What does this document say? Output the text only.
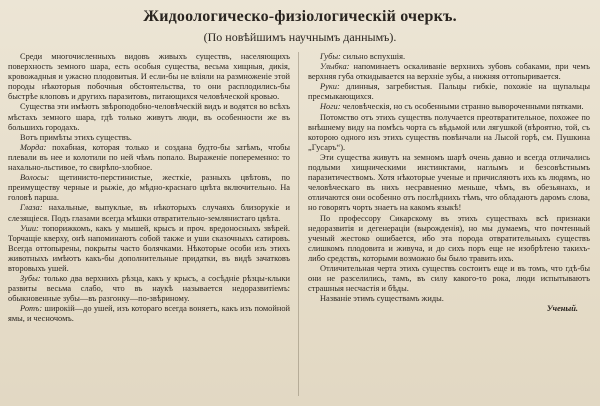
Жидоологическо-физiологическiй очеркъ.
(По новѣйшимъ научнымъ даннымъ).

Среди многочисленныхъ видовъ живыхъ существъ, населяющихъ поверхность земного шара, есть особыя существа, весьма хищныя, дикiя, кровожадныя и ужасно плодовитыя. И если-бы не вліяли на размноженіе этой породы нѣкоторыя побочныя обстоятельства, то они расплодились-бы быстрѣе клоповъ и другихъ паразитовъ, питающихся человѣческой кровью.

Существа эти имѣютъ звѣроподобно-человѣческій видъ и водятся во всѣхъ мѣстахъ земного шара, гдѣ только живутъ люди, въ особенности же въ большихъ городахъ.

Вотъ примѣты этихъ существъ.

Морда: похабная, которая только и создана будто-бы затѣмъ, чтобы плевали въ нее и колотили по ней чѣмъ попало. Выраженіе попеременно: то нахально-льстивое, то свирѣпо-злобное.

Волосы: щетинисто-перстинистые, жесткіе, разныхъ цвѣтовъ, по преимуществу черные и рыжіе, до мѣдно-краснаго цвѣта включительно. На головѣ парша.

Глаза: нахальные, выпуклые, въ нѣкоторыхъ случаяхъ близорукіе и слезящіеся. Подъ глазами всегда мѣшки отвратительно-землянистаго цвѣта.

Уши: топорижкомъ, какъ у мышей, крысъ и проч. вредоносныхъ звѣрей. Торчащіе кверху, онѣ напоминаютъ собой также и уши сказочныхъ сатировъ. Всегда оттопырены, покрыты часто болячками. Нѣкоторые особи изъ этихъ животныхъ имѣютъ какъ-бы дополнительные придатки, въ видѣ зачатковъ второвыхъ ушей.

Зубы: только два верхнихъ рѣзца, какъ у крысъ, а сосѣдніе рѣзцы-клыки развиты весьма слабо, что въ наукѣ называется недоразвитіемъ: обыкновенные зубы—въ разгонку—по-звѣриному.

Ротъ: широкій—до ушей, изъ котораго всегда воняетъ, какъ изъ помойной ямы, и чесночомъ.

Губы: сильно вспухшія.

Улыбка: напоминаетъ оскаливаніе верхнихъ зубовъ собаками, при чемъ верхняя губа откидывается на верхніе зубы, а нижняя оттопыривается.

Руки: длинныя, загребистыя. Пальцы гибкіе, похожіе на щупальцы пресмыкающихся.

Ноги: человѣческія, но съ особенными странно вывороченными пятками.

Потомство отъ этихъ существъ получается преотвратительное, похожее по внѣшнему виду на помѣсь чорта съ вѣдьмой или лягушкой (вѣроятно, той, съ которою одного изъ этихъ существъ повѣнчали на Лысой горѣ, см. Пушкина „Гусаръ“).

Эти существа живутъ на земномъ шарѣ очень давно и всегда отличались подлыми хищническими инстинктами, наглымъ и безсовѣстнымъ паразитичествомъ. Хотя нѣкоторые ученые и причисляютъ ихъ къ людямъ, но человѣческаго въ нихъ несравненно меньше, чѣмъ, въ обезьянахъ, и отличаются они особенно отъ послѣднихъ тѣмъ, что обладаютъ даромъ слова, но говорятъ чорть знаетъ на какомъ языкѣ!

По профессору Сикарскому въ этихъ существахъ всѣ признаки недоразвитія и дегенераціи (вырожденія), но мы думаемъ, что почтенный ученый жестоко ошибается, ибо эта порода отвратительныхъ существъ слишкомъ плодовита и живуча, и до сихъ поръ еще не изобрѣтено такихъ-либо средствъ, которыми возможно бы было травить ихъ.

Отличительная черта этихъ существъ состоитъ еще и въ томъ, что гдѣ-бы они не разселились, тамъ, въ силу какого-то рока, люди испытываютъ страшныя несчастія и бѣды.

Названіе этимъ существамъ жиды.

Ученый.
